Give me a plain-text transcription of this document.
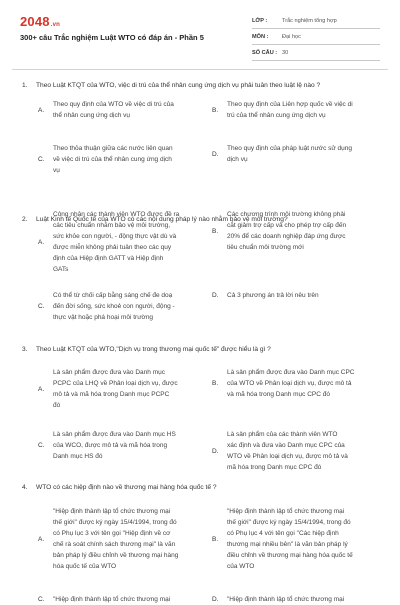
2048.vn
300+ câu Trắc nghiệm Luật WTO có đáp án - Phần 5
LỚP :	Trắc nghiệm tổng hợp
MÔN :	Đại học
SỐ CÂU : 30
1. Theo Luật KTQT của WTO, việc di trú của thể nhân cung ứng dịch vụ phải tuân theo luật lệ nào ?
A.
Theo quy định của WTO về việc di trú của
thể nhân cung ứng dịch vụ
B.
Theo quy định của Liên hợp quốc về việc di
trú của thể nhân cung ứng dịch vụ
C.
Theo thỏa thuận giữa các nước liên quan
về việc di trú của thể nhân cung ứng dịch
vụ
D.
Theo quy định của pháp luật nước sử dụng
dịch vụ
2. Luật Kinh tế Quốc tế của WTO có các nội dung pháp lý nào nhằm bảo vệ môi trường?
A.
Công nhận các thành viên WTO được đề ra
các tiêu chuẩn nhằm bảo vệ môi trường,
sức khỏe con người, - động thực vật dù và
được miễn không phải tuân theo các quy
định của Hiệp định GATT và Hiệp định
GATs
B.
Các chương trình môi trường không phải
cắt giảm trợ cấp và cho phép trợ cấp đến
20% để các doanh nghiệp đáp ứng được
tiêu chuẩn môi trường mới
C.
Có thể từ chối cấp bằng sáng chế đe doạ
đến đời sống, sức khoẻ con người, động -
thực vật hoặc phá hoại môi trường
D. Cả 3 phương án trả lời nêu trên
3. Theo Luật KTQT của WTO,"Dịch vụ trong thương mại quốc tế" được hiểu là gì ?
A.
Là sản phẩm được đưa vào Danh mục
PCPC của LHQ về Phân loại dịch vụ, được
mô tả và mã hóa trong Danh mục PCPC
đó
B.
Là sản phẩm được đưa vào Danh mục CPC
của WTO về Phân loại dịch vụ, được mô tả
và mã hóa trong Danh mục CPC đó
C.
Là sản phẩm được đưa vào Danh mục HS
của WCO, được mô tả và mã hóa trong
Danh mục HS đó
D.
Là sản phẩm của các thành viên WTO
xác định và đưa vào Danh mục CPC của
WTO về Phân loại dịch vụ, được mô tả và
mã hóa trong Danh mục CPC đó
4. WTO có các hiệp định nào về thương mại hàng hóa quốc tế ?
A.
"Hiệp định thành lập tổ chức thương mại
thế giới" được ký ngày 15/4/1994, trong đó
có Phụ lục 3 với tên gọi "Hiệp định về cơ
chế rà soát chính sách thương mại" là văn
bản pháp lý điều chỉnh về thương mại hàng
hóa quốc tế của WTO
B.
"Hiệp định thành lập tổ chức thương mại
thế giới" được ký ngày 15/4/1994, trong đó
có Phụ lục 4 với tên gọi "Các hiệp định
thương mại nhiều bên" là văn bản pháp lý
điều chỉnh về thương mại hàng hóa quốc tế
của WTO
C. "Hiệp định thành lập tổ chức thương mại	D. "Hiệp định thành lập tổ chức thương mại
